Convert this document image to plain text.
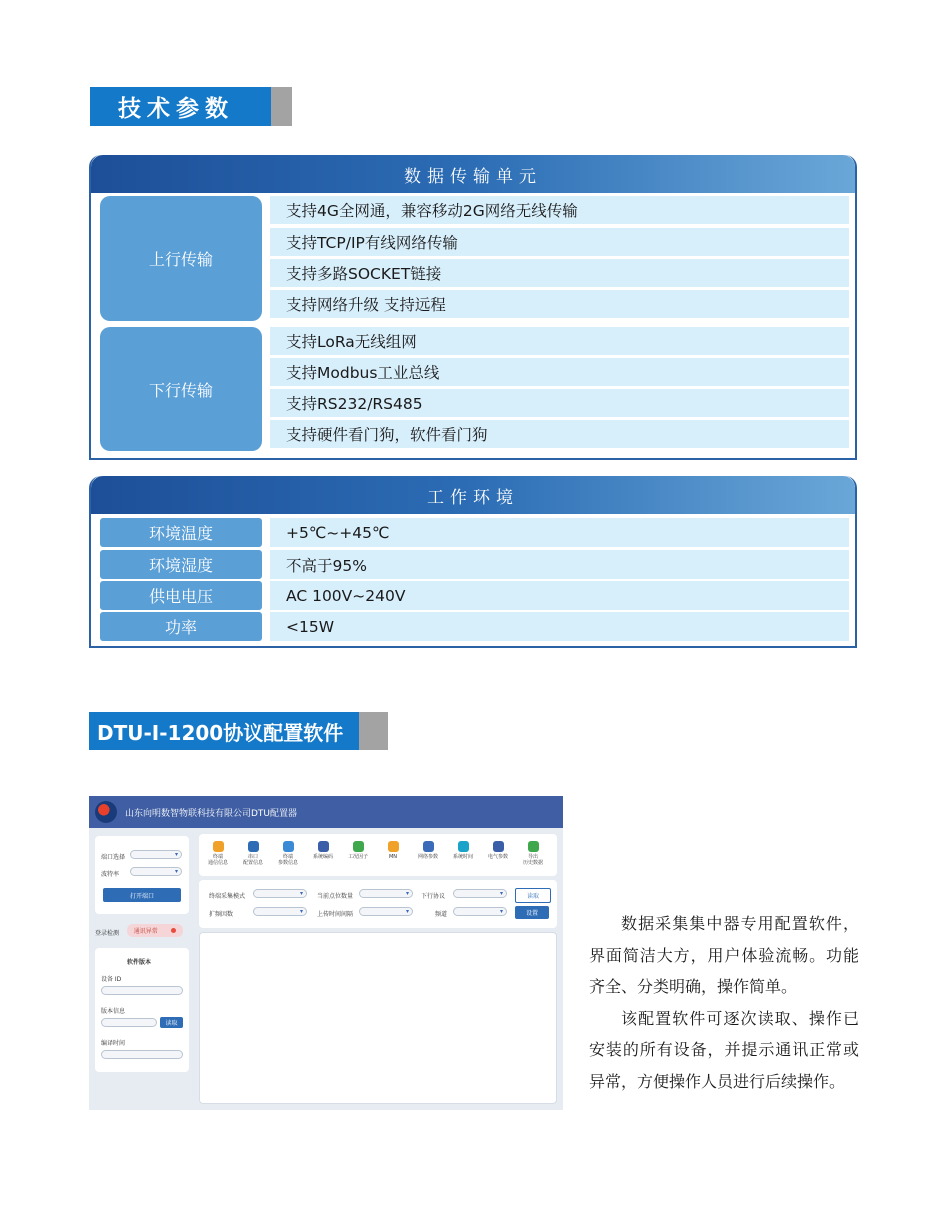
技术参数
数据传输单元
上行传输
支持4G全网通，兼容移动2G网络无线传输
支持TCP/IP有线网络传输
支持多路SOCKET链接
支持网络升级 支持远程
下行传输
支持LoRa无线组网
支持Modbus工业总线
支持RS232/RS485
支持硬件看门狗，软件看门狗
工作环境
环境温度	+5℃~+45℃
环境湿度	不高于95%
供电电压	AC 100V~240V
功率	<15W
DTU-I-1200协议配置软件
山东向明数智物联科技有限公司DTU配置器
端口选择	▾
波特率	▾
打开端口
登录检测 通讯异常
软件版本
设备 ID
版本信息
读取
编译时间
终端
通信信息
串口
配置信息
终端
参数信息
系统编码	工况因子	MN	网络参数	系统时间	电气参数	导出
历史数据
终端采集模式	▾	当前点位数量	▾	下行协议	▾	读取
扩频因数	▾	上传时间间隔	▾	频道	▾	设置

数据采集集中器专用配置软件，界面简洁大方，用户体验流畅。功能齐全、分类明确，操作简单。

该配置软件可逐次读取、操作已安装的所有设备，并提示通讯正常或异常，方便操作人员进行后续操作。
